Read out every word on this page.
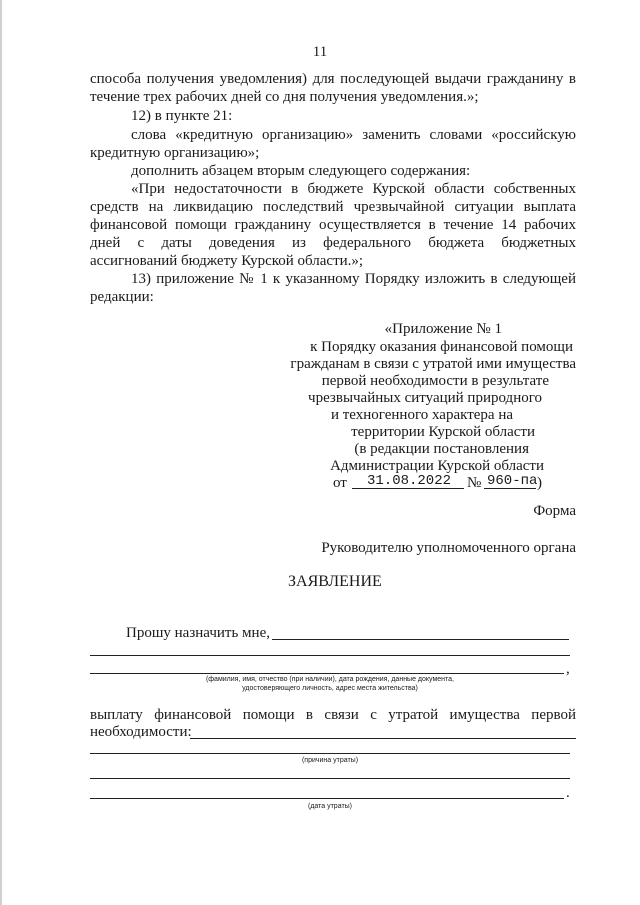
11
способа получения уведомления) для последующей выдачи гражданину в
течение трех рабочих дней со дня получения уведомления.»;
12) в пункте 21:
слова «кредитную организацию» заменить словами «российскую
кредитную организацию»;
дополнить абзацем вторым следующего содержания:
«При недостаточности в бюджете Курской области собственных
средств на ликвидацию последствий чрезвычайной ситуации выплата
финансовой помощи гражданину осуществляется в течение 14 рабочих
дней с даты доведения из федерального бюджета бюджетных
ассигнований бюджету Курской области.»;
13) приложение № 1 к указанному Порядку изложить в следующей
редакции:
«Приложение № 1
к Порядку оказания финансовой помощи
гражданам в связи с утратой ими имущества
первой необходимости в результате
чрезвычайных ситуаций природного
и техногенного характера на
территории Курской области
(в редакции постановления
Администрации Курской области
от	31.08.2022	№ 960-па )
Форма
Руководителю уполномоченного органа
ЗАЯВЛЕНИЕ
Прошу назначить мне,
,
(фамилия, имя, отчество (при наличии), дата рождения, данные документа,
удостоверяющего личность, адрес места жительства)
выплату финансовой помощи в связи с утратой имущества первой
необходимости:
(причина утраты)
.
(дата утраты)
